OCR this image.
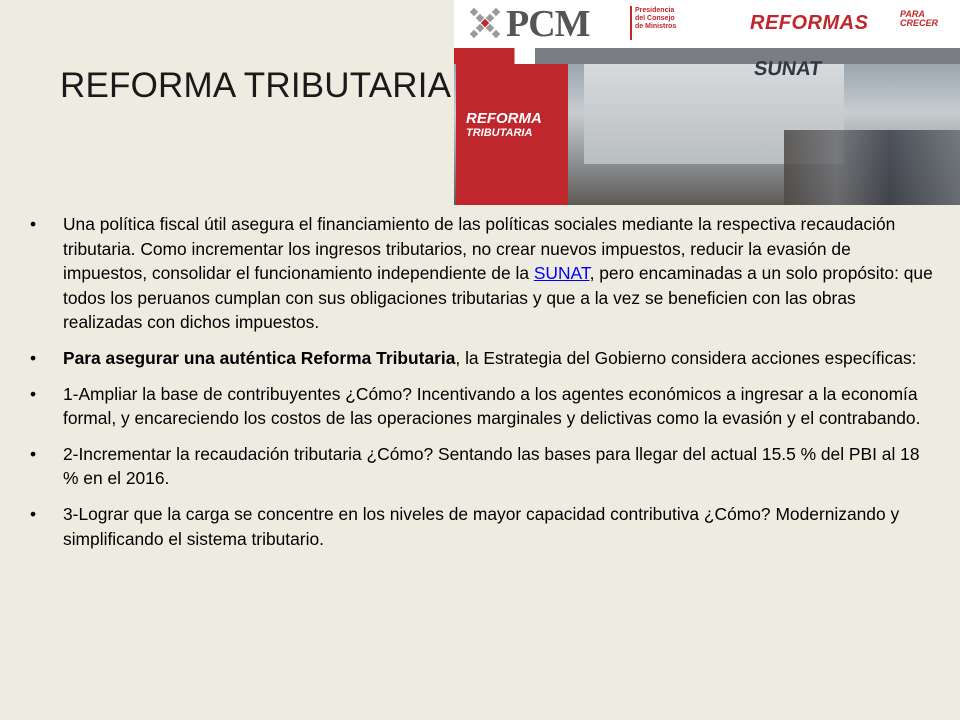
REFORMA TRIBUTARIA
PCM	Presidencia
del Consejo
de Ministros	REFORMAS	PARA
CRECER
SUNAT
REFORMA
TRIBUTARIA
•	Una política fiscal útil asegura el financiamiento de las políticas sociales mediante la respectiva recaudación tributaria. Como incrementar los ingresos tributarios, no crear nuevos impuestos, reducir la evasión de impuestos, consolidar el funcionamiento independiente de la SUNAT, pero encaminadas a un solo propósito: que todos los peruanos cumplan con sus obligaciones tributarias y que a la vez se beneficien con las obras realizadas con dichos impuestos.
•	Para asegurar una auténtica Reforma Tributaria, la Estrategia del Gobierno considera acciones específicas:
•	1-Ampliar la base de contribuyentes ¿Cómo? Incentivando a los agentes económicos a ingresar a la economía formal, y encareciendo los costos de las operaciones marginales y delictivas como la evasión y el contrabando.
•	2-Incrementar la recaudación tributaria ¿Cómo? Sentando las bases para llegar del actual 15.5 % del PBI al 18 % en el 2016.
•	3-Lograr que la carga se concentre en los niveles de mayor capacidad contributiva ¿Cómo? Modernizando y simplificando el sistema tributario.
